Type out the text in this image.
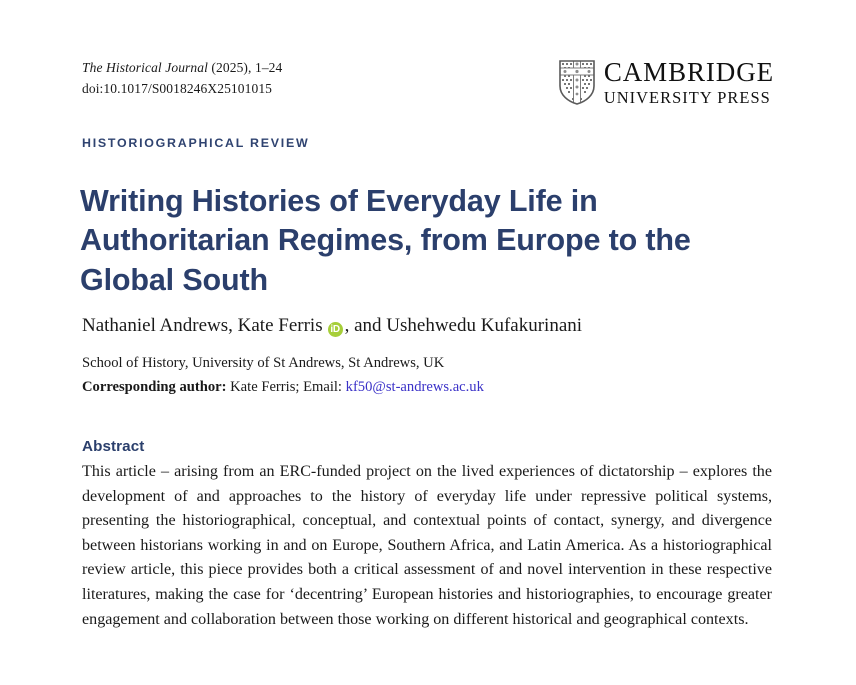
The Historical Journal (2025), 1–24
doi:10.1017/S0018246X25101015
CAMBRIDGE
UNIVERSITY PRESS
HISTORIOGRAPHICAL REVIEW
Writing Histories of Everyday Life in Authoritarian Regimes, from Europe to the Global South
Nathaniel Andrews, Kate Ferris iD , and Ushehwedu Kufakurinani
School of History, University of St Andrews, St Andrews, UK
Corresponding author: Kate Ferris; Email: kf50@st-andrews.ac.uk
Abstract

This article – arising from an ERC-funded project on the lived experiences of dictatorship – explores the development of and approaches to the history of everyday life under repressive political systems, presenting the historiographical, conceptual, and contextual points of contact, synergy, and divergence between historians working in and on Europe, Southern Africa, and Latin America. As a historiographical review article, this piece provides both a critical assessment of and novel intervention in these respective literatures, making the case for ‘decentring’ European histories and historiographies, to encourage greater engagement and collaboration between those working on different historical and geographical contexts.
